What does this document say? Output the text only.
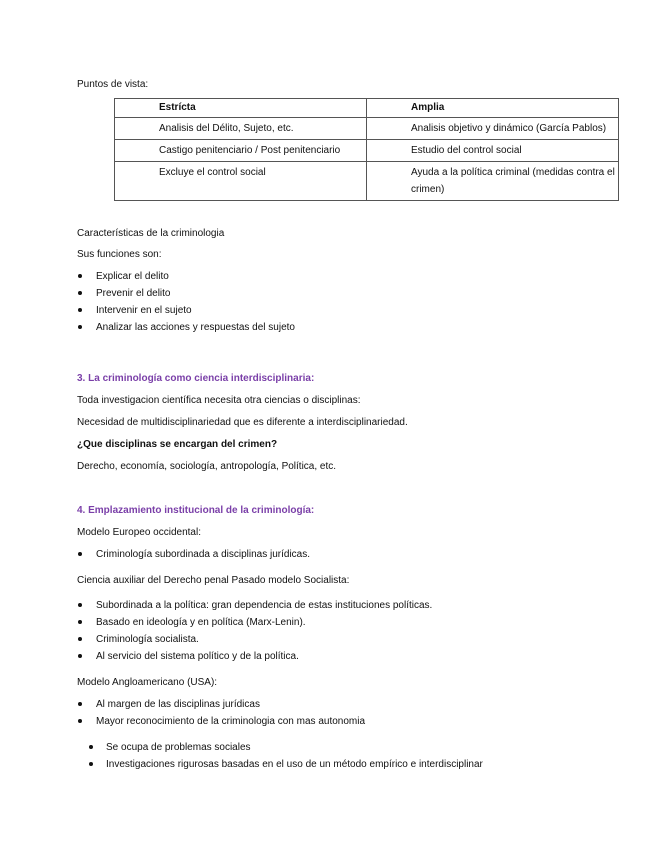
Puntos de vista:
Estrícta	Amplia
Analisis del Délito, Sujeto, etc.	Analisis objetivo y dinámico (García Pablos)
Castigo penitenciario / Post penitenciario	Estudio del control social
Excluye el control social	Ayuda a la política criminal (medidas contra el crimen)
Características de la criminologia
Sus funciones son:
Explicar el delito
Prevenir el delito
Intervenir en el sujeto
Analizar las acciones y respuestas del sujeto
3. La criminología como ciencia interdisciplinaria:
Toda investigacion científica necesita otra ciencias o disciplinas:
Necesidad de multidisciplinariedad que es diferente a interdisciplinariedad.
¿Que disciplinas se encargan del crimen?
Derecho, economía, sociología, antropología, Política, etc.
4. Emplazamiento institucional de la criminología:
Modelo Europeo occidental:
Criminología subordinada a disciplinas jurídicas.
Ciencia auxiliar del Derecho penal Pasado modelo Socialista:
Subordinada a la política: gran dependencia de estas instituciones políticas.
Basado en ideología y en política (Marx-Lenin).
Criminología socialista.
Al servicio del sistema político y de la política.
Modelo Angloamericano (USA):
Al margen de las disciplinas jurídicas
Mayor reconocimiento de la criminologia con mas autonomia
Se ocupa de problemas sociales
Investigaciones rigurosas basadas en el uso de un método empírico e interdisciplinar
